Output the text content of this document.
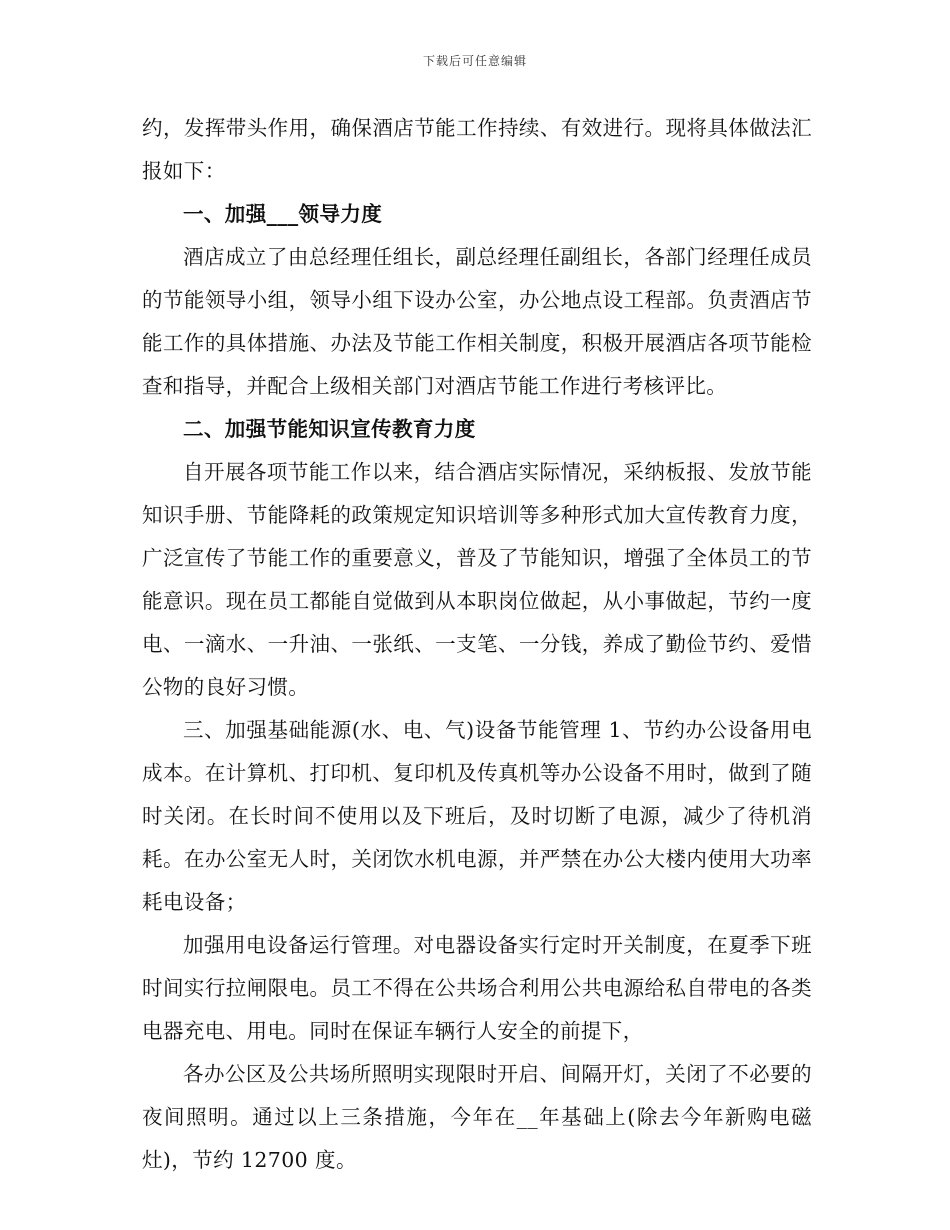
下载后可任意编辑

约，发挥带头作用，确保酒店节能工作持续、有效进行。现将具体做法汇报如下：

一、加强___领导力度

酒店成立了由总经理任组长，副总经理任副组长，各部门经理任成员的节能领导小组，领导小组下设办公室，办公地点设工程部。负责酒店节能工作的具体措施、办法及节能工作相关制度，积极开展酒店各项节能检查和指导，并配合上级相关部门对酒店节能工作进行考核评比。

二、加强节能知识宣传教育力度

自开展各项节能工作以来，结合酒店实际情况，采纳板报、发放节能知识手册、节能降耗的政策规定知识培训等多种形式加大宣传教育力度，广泛宣传了节能工作的重要意义，普及了节能知识，增强了全体员工的节能意识。现在员工都能自觉做到从本职岗位做起，从小事做起，节约一度电、一滴水、一升油、一张纸、一支笔、一分钱，养成了勤俭节约、爱惜公物的良好习惯。

三、加强基础能源(水、电、气)设备节能管理 1、节约办公设备用电成本。在计算机、打印机、复印机及传真机等办公设备不用时，做到了随时关闭。在长时间不使用以及下班后，及时切断了电源，减少了待机消耗。在办公室无人时，关闭饮水机电源，并严禁在办公大楼内使用大功率耗电设备；

加强用电设备运行管理。对电器设备实行定时开关制度，在夏季下班时间实行拉闸限电。员工不得在公共场合利用公共电源给私自带电的各类电器充电、用电。同时在保证车辆行人安全的前提下，

各办公区及公共场所照明实现限时开启、间隔开灯，关闭了不必要的夜间照明。通过以上三条措施，今年在__年基础上(除去今年新购电磁灶)，节约 12700 度。
